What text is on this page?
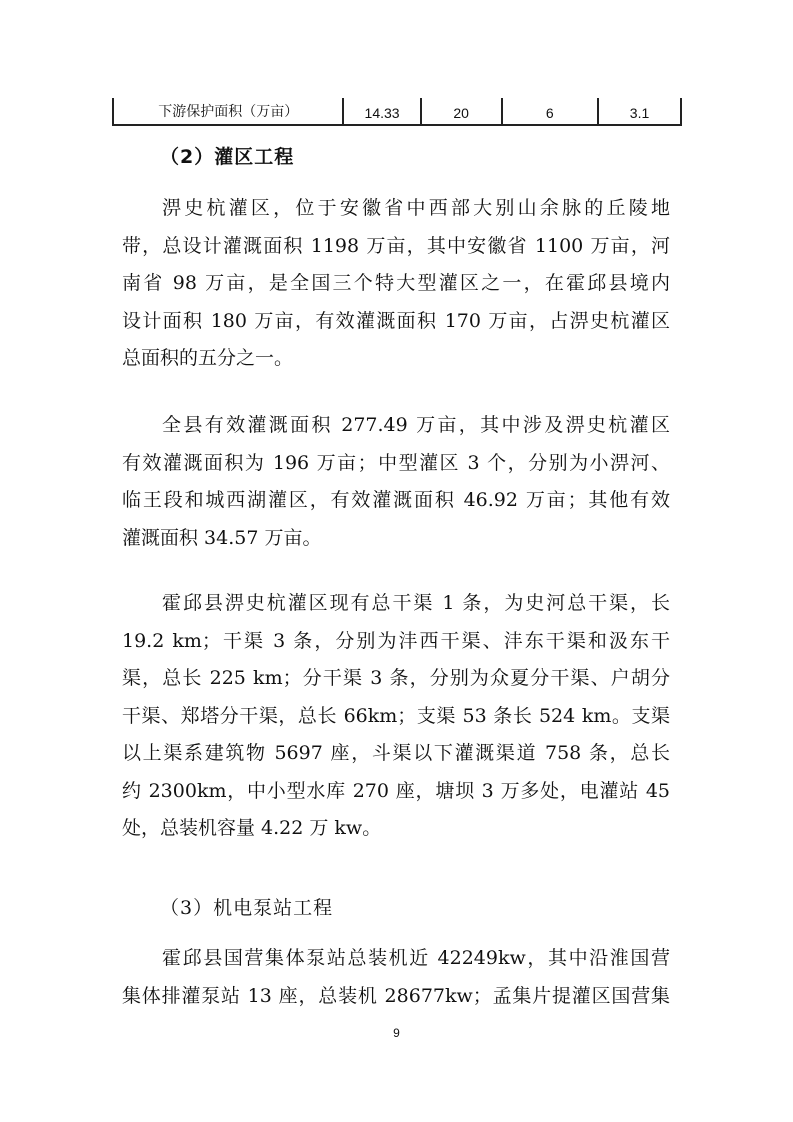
下游保护面积（万亩）	14.33	20	6	3.1
（2）灌区工程
淠史杭灌区，位于安徽省中西部大别山余脉的丘陵地
带，总设计灌溉面积 1198 万亩，其中安徽省 1100 万亩，河
南省 98 万亩，是全国三个特大型灌区之一，在霍邱县境内
设计面积 180 万亩，有效灌溉面积 170 万亩，占淠史杭灌区
总面积的五分之一。
全县有效灌溉面积 277.49 万亩，其中涉及淠史杭灌区
有效灌溉面积为 196 万亩；中型灌区 3 个，分别为小淠河、
临王段和城西湖灌区，有效灌溉面积 46.92 万亩；其他有效
灌溉面积 34.57 万亩。
霍邱县淠史杭灌区现有总干渠 1 条，为史河总干渠，长
19.2 km；干渠 3 条，分别为沣西干渠、沣东干渠和汲东干
渠，总长 225 km；分干渠 3 条，分别为众夏分干渠、户胡分
干渠、郑塔分干渠，总长 66km；支渠 53 条长 524 km。支渠
以上渠系建筑物 5697 座，斗渠以下灌溉渠道 758 条，总长
约 2300km，中小型水库 270 座，塘坝 3 万多处，电灌站 45
处，总装机容量 4.22 万 kw。
（3）机电泵站工程
霍邱县国营集体泵站总装机近 42249kw，其中沿淮国营
集体排灌泵站 13 座，总装机 28677kw；孟集片提灌区国营集
9
